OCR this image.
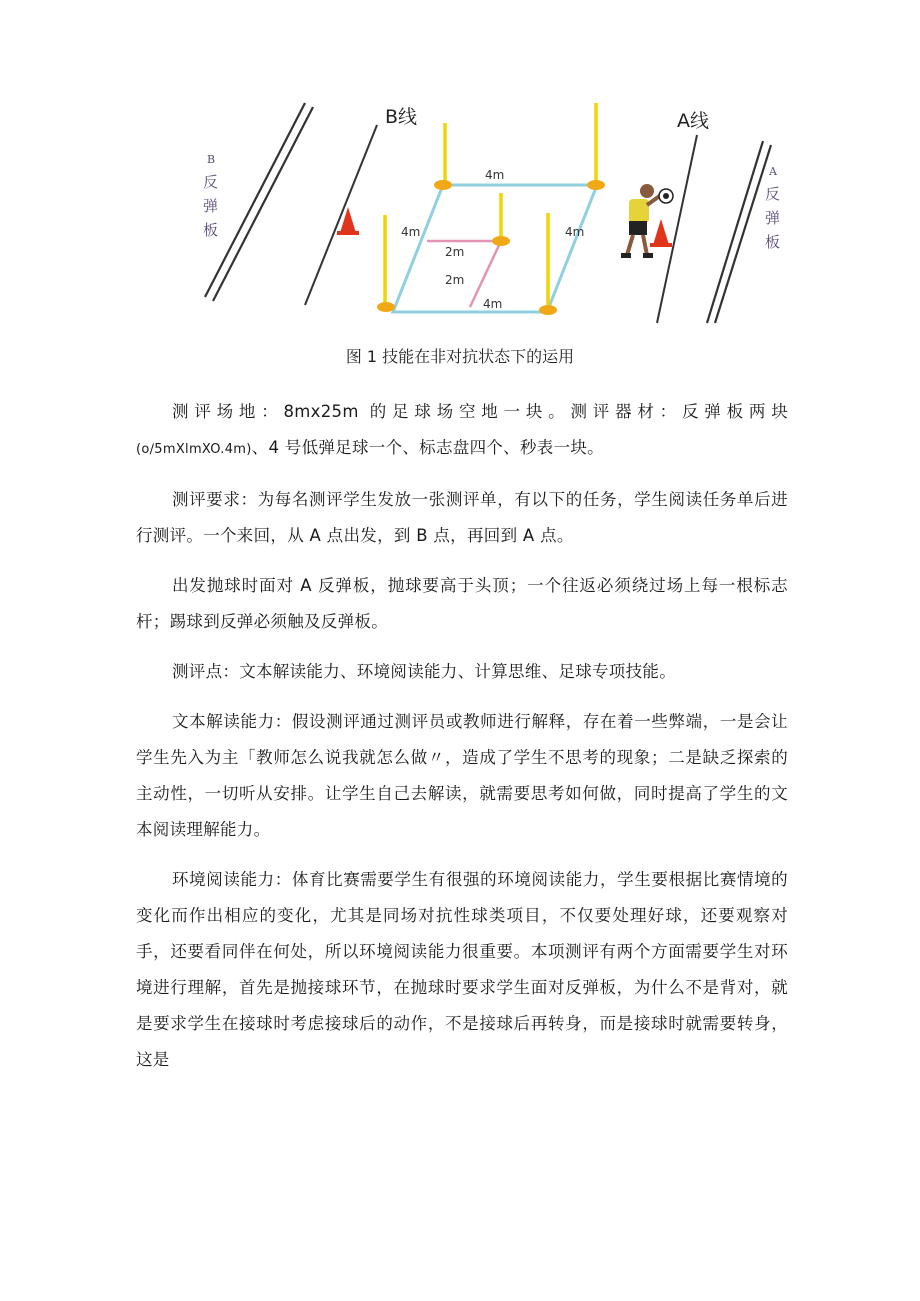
B线	A线
4m
4m	4m
4m
2m
2m
B
反
弹
板
A
反
弹
板
图 1 技能在非对抗状态下的运用

测评场地：8mx25m 的足球场空地一块。测评器材：反弹板两块(o∕5mXlmXO.4m)、4 号低弹足球一个、标志盘四个、秒表一块。

测评要求：为每名测评学生发放一张测评单，有以下的任务，学生阅读任务单后进行测评。一个来回，从 A 点出发，到 B 点，再回到 A 点。

出发抛球时面对 A 反弹板，抛球要高于头顶；一个往返必须绕过场上每一根标志杆；踢球到反弹必须触及反弹板。

测评点：文本解读能力、环境阅读能力、计算思维、足球专项技能。

文本解读能力：假设测评通过测评员或教师进行解释，存在着一些弊端，一是会让学生先入为主「教师怎么说我就怎么做〃，造成了学生不思考的现象；二是缺乏探索的主动性，一切听从安排。让学生自己去解读，就需要思考如何做，同时提高了学生的文本阅读理解能力。

环境阅读能力：体育比赛需要学生有很强的环境阅读能力，学生要根据比赛情境的变化而作出相应的变化，尤其是同场对抗性球类项目，不仅要处理好球，还要观察对手，还要看同伴在何处，所以环境阅读能力很重要。本项测评有两个方面需要学生对环境进行理解，首先是抛接球环节，在抛球时要求学生面对反弹板，为什么不是背对，就是要求学生在接球时考虑接球后的动作，不是接球后再转身，而是接球时就需要转身，这是
